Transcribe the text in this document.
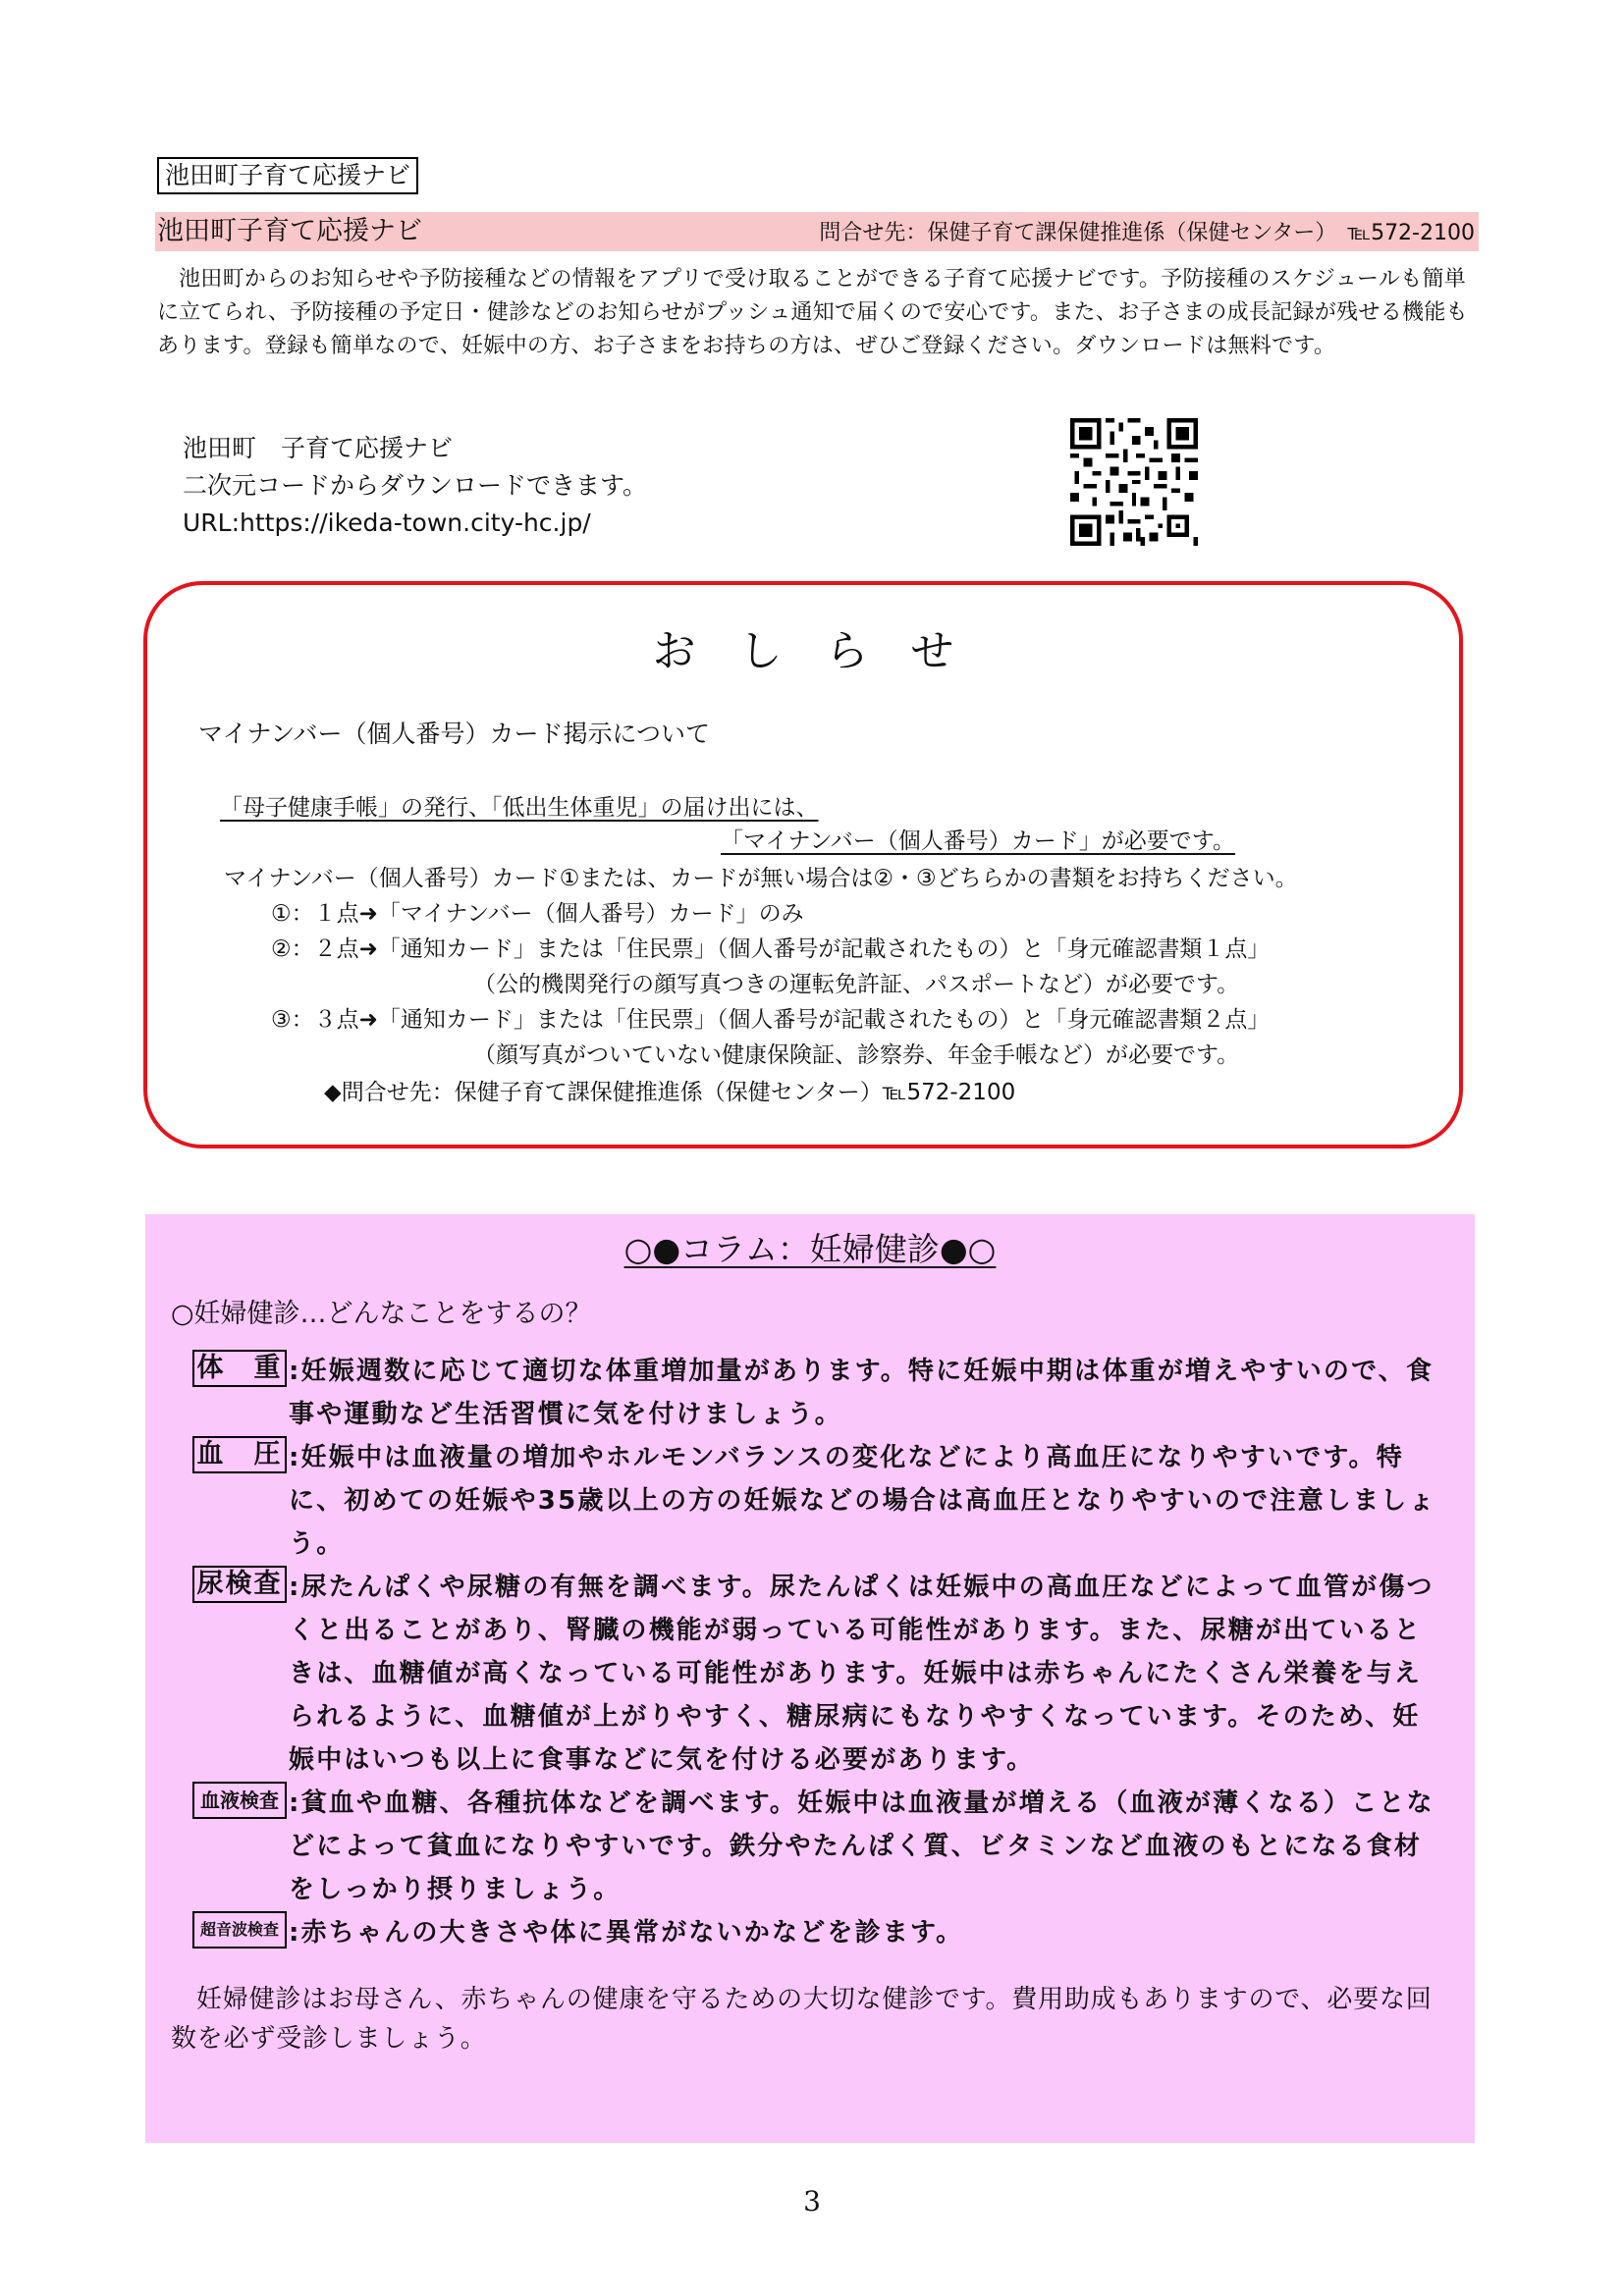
池田町子育て応援ナビ
池田町子育て応援ナビ	問合せ先：保健子育て課保健推進係（保健センター）　℡572-2100
池田町からのお知らせや予防接種などの情報をアプリで受け取ることができる子育て応援ナビです。予防接種のスケジュールも簡単に立てられ、予防接種の予定日・健診などのお知らせがプッシュ通知で届くので安心です。また、お子さまの成長記録が残せる機能もあります。登録も簡単なので、妊娠中の方、お子さまをお持ちの方は、ぜひご登録ください。ダウンロードは無料です。
池田町　子育て応援ナビ
二次元コードからダウンロードできます。
URL:https://ikeda-town.city-hc.jp/
おしらせ
マイナンバー（個人番号）カード掲示について
「母子健康手帳」の発行、「低出生体重児」の届け出には、
「マイナンバー（個人番号）カード」が必要です。
マイナンバー（個人番号）カード①または、カードが無い場合は②・③どちらかの書類をお持ちください。
①：１点➜「マイナンバー（個人番号）カード」のみ
②：２点➜「通知カード」または「住民票」（個人番号が記載されたもの）と「身元確認書類１点」
（公的機関発行の顔写真つきの運転免許証、パスポートなど）が必要です。
③：３点➜「通知カード」または「住民票」（個人番号が記載されたもの）と「身元確認書類２点」
（顔写真がついていない健康保険証、診察券、年金手帳など）が必要です。
◆問合せ先：保健子育て課保健推進係（保健センター）℡572-2100
○●コラム：妊婦健診●○
○妊婦健診…どんなことをするの？
体　重 :妊娠週数に応じて適切な体重増加量があります。特に妊娠中期は体重が増えやすいので、食事や運動など生活習慣に気を付けましょう。
血　圧 :妊娠中は血液量の増加やホルモンバランスの変化などにより高血圧になりやすいです。特に、初めての妊娠や35歳以上の方の妊娠などの場合は高血圧となりやすいので注意しましょう。
尿検査 :尿たんぱくや尿糖の有無を調べます。尿たんぱくは妊娠中の高血圧などによって血管が傷つくと出ることがあり、腎臓の機能が弱っている可能性があります。また、尿糖が出ているときは、血糖値が高くなっている可能性があります。妊娠中は赤ちゃんにたくさん栄養を与えられるように、血糖値が上がりやすく、糖尿病にもなりやすくなっています。そのため、妊娠中はいつも以上に食事などに気を付ける必要があります。
血液検査 :貧血や血糖、各種抗体などを調べます。妊娠中は血液量が増える（血液が薄くなる）ことなどによって貧血になりやすいです。鉄分やたんぱく質、ビタミンなど血液のもとになる食材をしっかり摂りましょう。
超音波検査 :赤ちゃんの大きさや体に異常がないかなどを診ます。
妊婦健診はお母さん、赤ちゃんの健康を守るための大切な健診です。費用助成もありますので、必要な回数を必ず受診しましょう。
3
